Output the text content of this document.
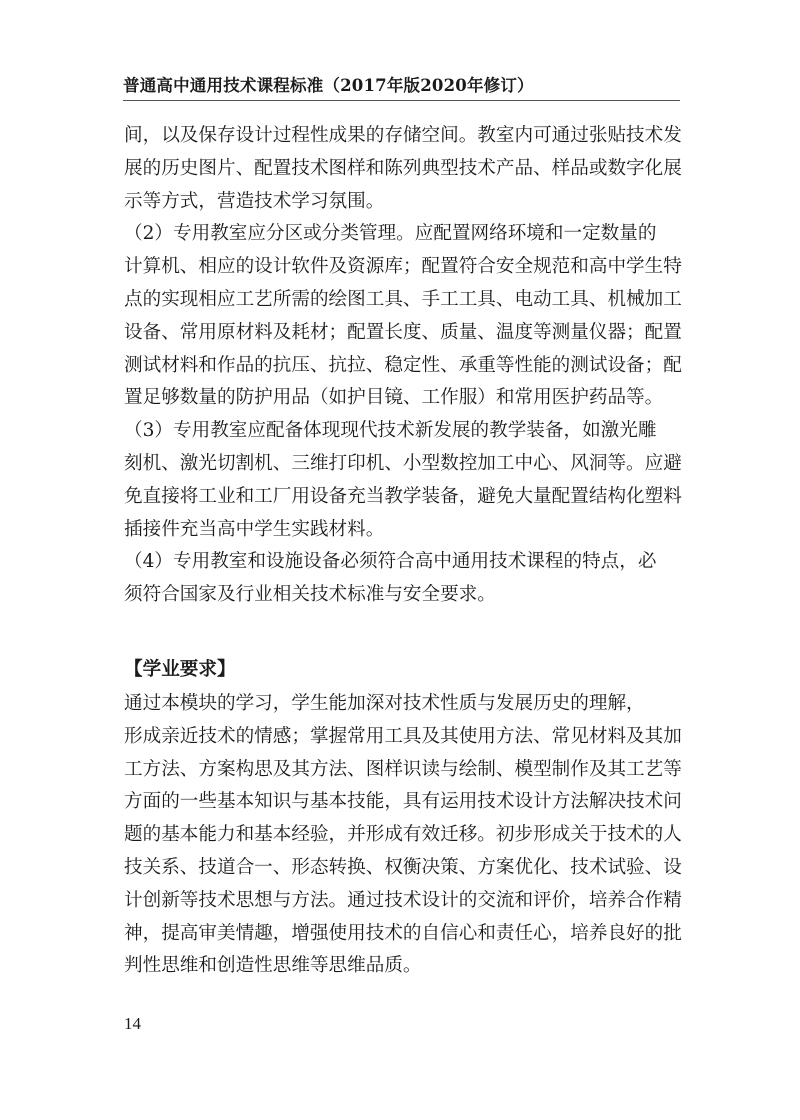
普通高中通用技术课程标准（2017年版2020年修订）
间，以及保存设计过程性成果的存储空间。教室内可通过张贴技术发
展的历史图片、配置技术图样和陈列典型技术产品、样品或数字化展
示等方式，营造技术学习氛围。
（2）专用教室应分区或分类管理。应配置网络环境和一定数量的
计算机、相应的设计软件及资源库；配置符合安全规范和高中学生特
点的实现相应工艺所需的绘图工具、手工工具、电动工具、机械加工
设备、常用原材料及耗材；配置长度、质量、温度等测量仪器；配置
测试材料和作品的抗压、抗拉、稳定性、承重等性能的测试设备；配
置足够数量的防护用品（如护目镜、工作服）和常用医护药品等。
（3）专用教室应配备体现现代技术新发展的教学装备，如激光雕
刻机、激光切割机、三维打印机、小型数控加工中心、风洞等。应避
免直接将工业和工厂用设备充当教学装备，避免大量配置结构化塑料
插接件充当高中学生实践材料。
（4）专用教室和设施设备必须符合高中通用技术课程的特点，必
须符合国家及行业相关技术标准与安全要求。
【学业要求】
通过本模块的学习，学生能加深对技术性质与发展历史的理解，
形成亲近技术的情感；掌握常用工具及其使用方法、常见材料及其加
工方法、方案构思及其方法、图样识读与绘制、模型制作及其工艺等
方面的一些基本知识与基本技能，具有运用技术设计方法解决技术问
题的基本能力和基本经验，并形成有效迁移。初步形成关于技术的人
技关系、技道合一、形态转换、权衡决策、方案优化、技术试验、设
计创新等技术思想与方法。通过技术设计的交流和评价，培养合作精
神，提高审美情趣，增强使用技术的自信心和责任心，培养良好的批
判性思维和创造性思维等思维品质。
14
